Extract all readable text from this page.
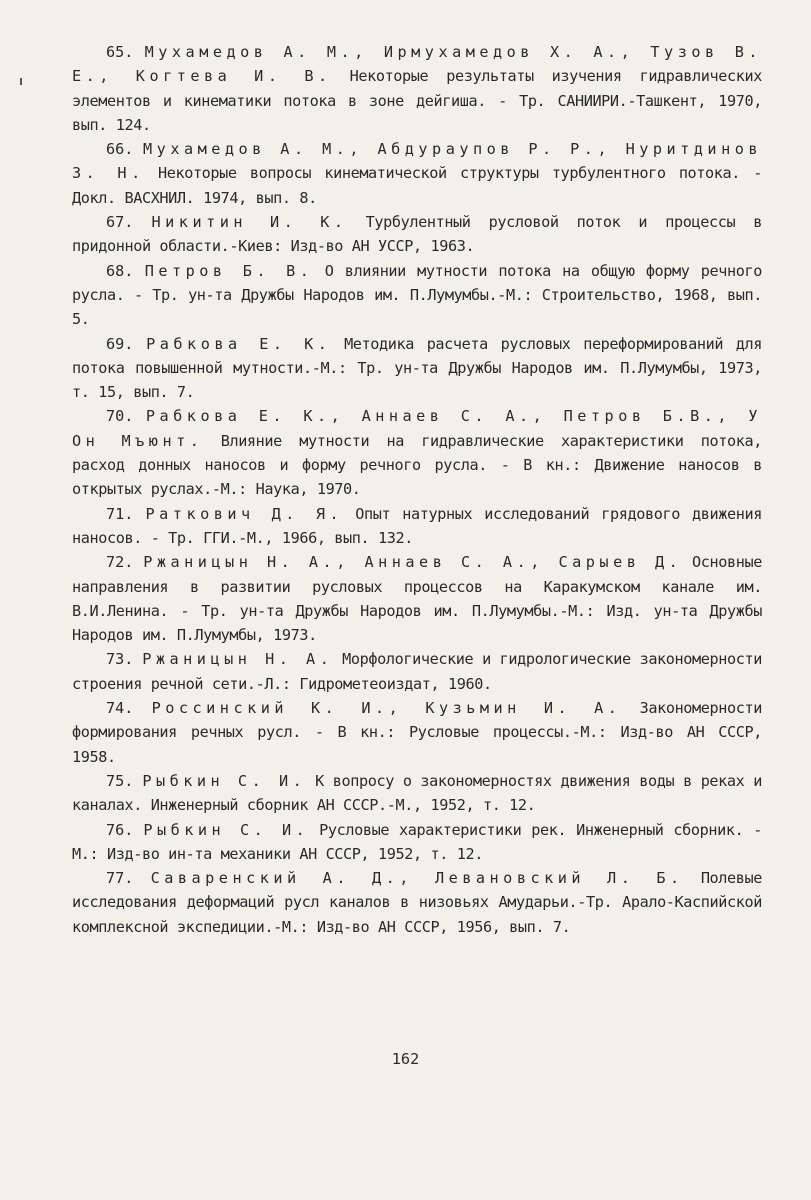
65. Мухамедов А. М., Ирмухамедов Х. А., Тузов В. Е., Когтева И. В. Некоторые результаты изучения гидравлических элементов и кинематики потока в зоне дейгиша. - Тр. САНИИРИ.-Ташкент, 1970, вып. 124.

66. Мухамедов А. М., Абдураупов Р. Р., Нуритдинов З. Н. Некоторые вопросы кинематической структуры турбулентного потока. - Докл. ВАСХНИЛ. 1974, вып. 8.

67. Никитин И. К. Турбулентный русловой поток и процессы в придонной области.-Киев: Изд-во АН УССР, 1963.

68. Петров Б. В. О влиянии мутности потока на общую форму речного русла. - Тр. ун-та Дружбы Народов им. П.Лумумбы.-М.: Строительство, 1968, вып. 5.

69. Рабкова Е. К. Методика расчета русловых переформирований для потока повышенной мутности.-М.: Тр. ун-та Дружбы Народов им. П.Лумумбы, 1973, т. 15, вып. 7.

70. Рабкова Е. К., Аннаев С. А., Петров Б.В., У Он Мъюнт. Влияние мутности на гидравлические характеристики потока, расход донных наносов и форму речного русла. - В кн.: Движение наносов в открытых руслах.-М.: Наука, 1970.

71. Раткович Д. Я. Опыт натурных исследований грядового движения наносов. - Тр. ГГИ.-М., 1966, вып. 132.

72. Ржаницын Н. А., Аннаев С. А., Сарыев Д. Основные направления в развитии русловых процессов на Каракумском канале им. В.И.Ленина. - Тр. ун-та Дружбы Народов им. П.Лумумбы.-М.: Изд. ун-та Дружбы Народов им. П.Лумумбы, 1973.

73. Ржаницын Н. А. Морфологические и гидрологические закономерности строения речной сети.-Л.: Гидрометеоиздат, 1960.

74. Россинский К. И., Кузьмин И. А. Закономерности формирования речных русл. - В кн.: Русловые процессы.-М.: Изд-во АН СССР, 1958.

75. Рыбкин С. И. К вопросу о закономерностях движения воды в реках и каналах. Инженерный сборник АН СССР.-М., 1952, т. 12.

76. Рыбкин С. И. Русловые характеристики рек. Инженерный сборник. - М.: Изд-во ин-та механики АН СССР, 1952, т. 12.

77. Саваренский А. Д., Левановский Л. Б. Полевые исследования деформаций русл каналов в низовьях Амударьи.-Тр. Арало-Каспийской комплексной экспедиции.-М.: Изд-во АН СССР, 1956, вып. 7.

162
